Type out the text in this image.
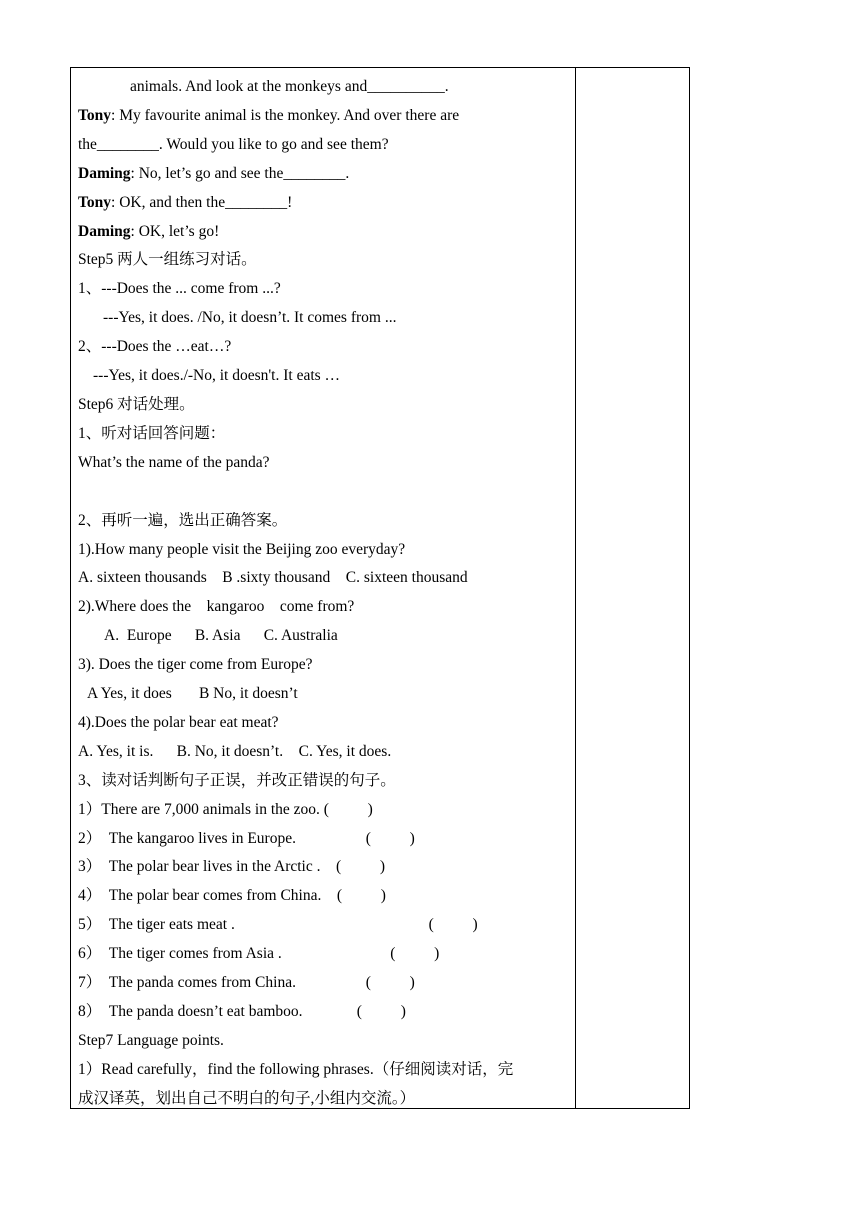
animals. And look at the monkeys and__________.
Tony: My favourite animal is the monkey. And over there are
the________. Would you like to go and see them?
Daming: No, let’s go and see the________.
Tony: OK, and then the________!
Daming: OK, let’s go!
Step5 两人一组练习对话。
1、---Does the ... come from ...?
---Yes, it does. /No, it doesn’t. It comes from ...
2、---Does the …eat…?
---Yes, it does./-No, it doesn't. It eats …
Step6 对话处理。
1、听对话回答问题：
What’s the name of the panda?
2、再听一遍，选出正确答案。
1).How many people visit the Beijing zoo everyday?
A. sixteen thousands    B .sixty thousand    C. sixteen thousand
2).Where does the    kangaroo    come from?
A.  Europe      B. Asia      C. Australia
3). Does the tiger come from Europe?
A Yes, it does       B No, it doesn’t
4).Does the polar bear eat meat?
A. Yes, it is.      B. No, it doesn’t.    C. Yes, it does.
3、读对话判断句子正误，并改正错误的句子。
1）There are 7,000 animals in the zoo. (          )
2）  The kangaroo lives in Europe.                  (          )
3）  The polar bear lives in the Arctic .    (          )
4）  The polar bear comes from China.    (          )
5）  The tiger eats meat .                                                  (          )
6）  The tiger comes from Asia .                            (          )
7）  The panda comes from China.                  (          )
8）  The panda doesn’t eat bamboo.              (          )
Step7 Language points.
1）Read carefully，find the following phrases.（仔细阅读对话，完
成汉译英，划出自己不明白的句子,小组内交流。）
